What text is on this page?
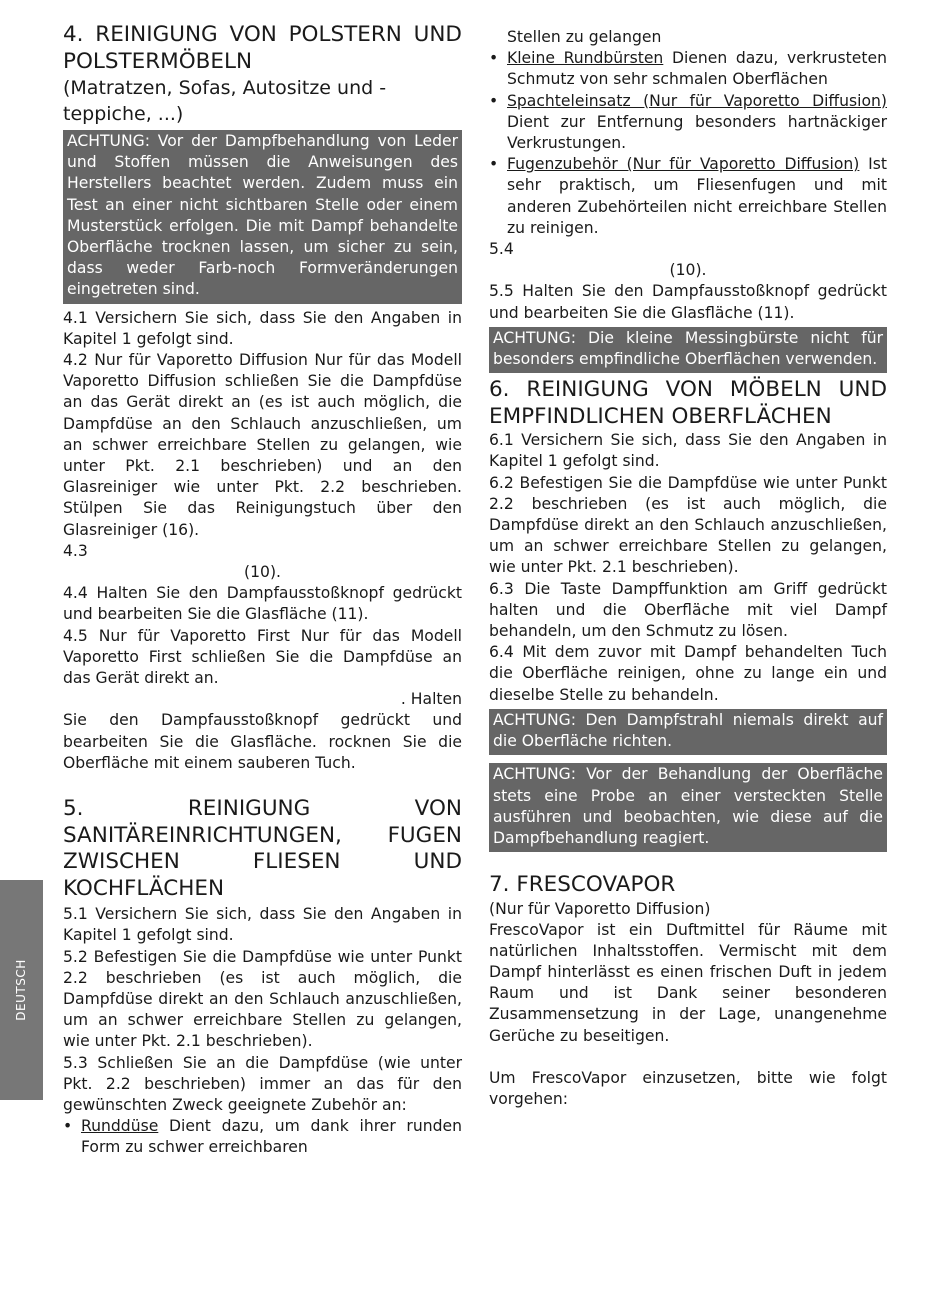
4. REINIGUNG VON POLSTERN UND POLSTERMÖBELN
(Matratzen, Sofas, Autositze und -teppiche, ...)

ACHTUNG: Vor der Dampfbehandlung von Leder und Stoffen müssen die Anweisungen des Herstellers beachtet werden. Zudem muss ein Test an einer nicht sichtbaren Stelle oder einem Musterstück erfolgen. Die mit Dampf behandelte Oberfläche trocknen lassen, um sicher zu sein, dass weder Farb-noch Formveränderungen eingetreten sind.

4.1 Versichern Sie sich, dass Sie den Angaben in Kapitel 1 gefolgt sind.

4.2 Nur für Vaporetto Diffusion Nur für das Modell Vaporetto Diffusion schließen Sie die Dampfdüse an das Gerät direkt an (es ist auch möglich, die Dampfdüse an den Schlauch anzuschließen, um an schwer erreichbare Stellen zu gelangen, wie unter Pkt. 2.1 beschrieben) und an den Glasreiniger wie unter Pkt. 2.2 beschrieben. Stülpen Sie das Reinigungstuch über den Glasreiniger (16).

4.3

(10).

4.4 Halten Sie den Dampfausstoßknopf gedrückt und bearbeiten Sie die Glasfläche (11).

4.5 Nur für Vaporetto First Nur für das Modell Vaporetto First schließen Sie die Dampfdüse an das Gerät direkt an.

. Halten

Sie den Dampfausstoßknopf gedrückt und bearbeiten Sie die Glasfläche. rocknen Sie die Oberfläche mit einem sauberen Tuch.

5. REINIGUNG VON SANITÄREINRICHTUNGEN, FUGEN ZWISCHEN FLIESEN UND KOCHFLÄCHEN

5.1 Versichern Sie sich, dass Sie den Angaben in Kapitel 1 gefolgt sind.

5.2 Befestigen Sie die Dampfdüse wie unter Punkt 2.2 beschrieben (es ist auch möglich, die Dampfdüse direkt an den Schlauch anzuschließen, um an schwer erreichbare Stellen zu gelangen, wie unter Pkt. 2.1 beschrieben).

5.3 Schließen Sie an die Dampfdüse (wie unter Pkt. 2.2 beschrieben) immer an das für den gewünschten Zweck geeignete Zubehör an:

• Runddüse Dient dazu, um dank ihrer runden Form zu schwer erreichbaren
Stellen zu gelangen
• Kleine Rundbürsten Dienen dazu, verkrusteten Schmutz von sehr schmalen Oberflächen
• Spachteleinsatz (Nur für Vaporetto Diffusion) Dient zur Entfernung besonders hartnäckiger Verkrustungen.
• Fugenzubehör (Nur für Vaporetto Diffusion) Ist sehr praktisch, um Fliesenfugen und mit anderen Zubehörteilen nicht erreichbare Stellen zu reinigen.

5.4

(10).

5.5 Halten Sie den Dampfausstoßknopf gedrückt und bearbeiten Sie die Glasfläche (11).

ACHTUNG: Die kleine Messingbürste nicht für besonders empfindliche Oberflächen verwenden.

6. REINIGUNG VON MÖBELN UND EMPFINDLICHEN OBERFLÄCHEN

6.1 Versichern Sie sich, dass Sie den Angaben in Kapitel 1 gefolgt sind.

6.2 Befestigen Sie die Dampfdüse wie unter Punkt 2.2 beschrieben (es ist auch möglich, die Dampfdüse direkt an den Schlauch anzuschließen, um an schwer erreichbare Stellen zu gelangen, wie unter Pkt. 2.1 beschrieben).

6.3 Die Taste Dampffunktion am Griff gedrückt halten und die Oberfläche mit viel Dampf behandeln, um den Schmutz zu lösen.

6.4 Mit dem zuvor mit Dampf behandelten Tuch die Oberfläche reinigen, ohne zu lange ein und dieselbe Stelle zu behandeln.

ACHTUNG: Den Dampfstrahl niemals direkt auf die Oberfläche richten.

ACHTUNG: Vor der Behandlung der Oberfläche stets eine Probe an einer versteckten Stelle ausführen und beobachten, wie diese auf die Dampfbehandlung reagiert.

7. FRESCOVAPOR
(Nur für Vaporetto Diffusion)

FrescoVapor ist ein Duftmittel für Räume mit natürlichen Inhaltsstoffen. Vermischt mit dem Dampf hinterlässt es einen frischen Duft in jedem Raum und ist Dank seiner besonderen Zusammensetzung in der Lage, unangenehme Gerüche zu beseitigen.

Um FrescoVapor einzusetzen, bitte wie folgt vorgehen:

DEUTSCH
